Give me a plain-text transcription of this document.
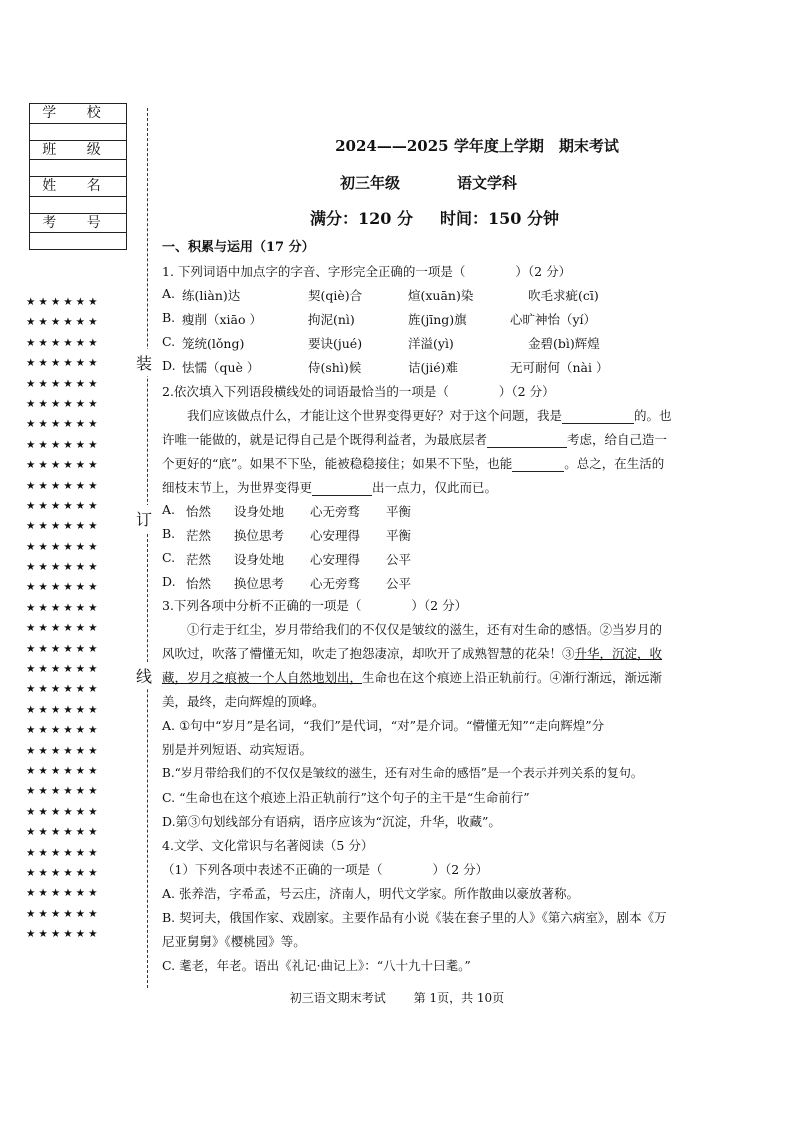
学 校

班 级

姓 名

考 号

★★★★★★
★★★★★★
★★★★★★
★★★★★★
★★★★★★
★★★★★★
★★★★★★
★★★★★★
★★★★★★
★★★★★★
★★★★★★
★★★★★★
★★★★★★
★★★★★★
★★★★★★
★★★★★★
★★★★★★
★★★★★★
★★★★★★
★★★★★★
★★★★★★
★★★★★★
★★★★★★
★★★★★★
★★★★★★
★★★★★★
★★★★★★
★★★★★★
★★★★★★
★★★★★★
★★★★★★
★★★★★★
装
订
线
2024——2025 学年度上学期　期末考试
初三年级	语文学科
满分：120 分 时间：150 分钟
一、积累与运用（17 分）
1. 下列词语中加点字的字音、字形完全正确的一项是（　　　　）（2 分）
A. 练(liàn)达	契(qiè)合	煊(xuān)染	吹毛求疵(cī)
B. 瘦削（xiāo ）	拘泥(nì)	旌(jīng)旗	心旷神怡（yí）
C. 笼统(lǒng)	要诀(jué)	洋溢(yì)	金碧(bì)辉煌
D. 怯懦（què ）	侍(shì)候	诘(jié)难	无可耐何（nài ）
2.依次填入下列语段横线处的词语最恰当的一项是（　　　　）（2 分）
　　我们应该做点什么，才能让这个世界变得更好？对于这个问题，我是	的。也
许唯一能做的，就是记得自己是个既得利益者，为最底层者	考虑，给自己造一
个更好的“底”。如果不下坠，能被稳稳接住；如果不下坠，也能	。总之，在生活的
细枝末节上，为世界变得更	出一点力，仅此而已。
A. 怡然 设身处地 心无旁骛 平衡
B. 茫然 换位思考 心安理得 平衡
C. 茫然 设身处地 心安理得 公平
D. 怡然 换位思考 心无旁骛 公平
3.下列各项中分析不正确的一项是（　　　　）（2 分）
　　①行走于红尘，岁月带给我们的不仅仅是皱纹的滋生，还有对生命的感悟。②当岁月的
风吹过，吹落了懵懂无知，吹走了抱怨凄凉，却吹开了成熟智慧的花朵！③升华，沉淀，收
藏，岁月之痕被一个人自然地划出，生命也在这个痕迹上沿正轨前行。④渐行渐远，渐远渐
美，最终，走向辉煌的顶峰。
A. ①句中“岁月”是名词，“我们”是代词，“对”是介词。“懵懂无知”“走向辉煌”分
别是并列短语、动宾短语。
B.“岁月带给我们的不仅仅是皱纹的滋生，还有对生命的感悟”是一个表示并列关系的复句。
C. “生命也在这个痕迹上沿正轨前行”这个句子的主干是“生命前行”
D.第③句划线部分有语病，语序应该为“沉淀，升华，收藏”。
4.文学、文化常识与名著阅读（5 分）
（1）下列各项中表述不正确的一项是（　　　　）（2 分）
A. 张养浩，字希孟，号云庄，济南人，明代文学家。所作散曲以豪放著称。
B. 契诃夫，俄国作家、戏剧家。主要作品有小说《装在套子里的人》《第六病室》，剧本《万
尼亚舅舅》《樱桃园》等。
C. 耄老，年老。语出《礼记·曲记上》：“八十九十曰耄。”
初三语文期末考试 第 1页，共 10页
